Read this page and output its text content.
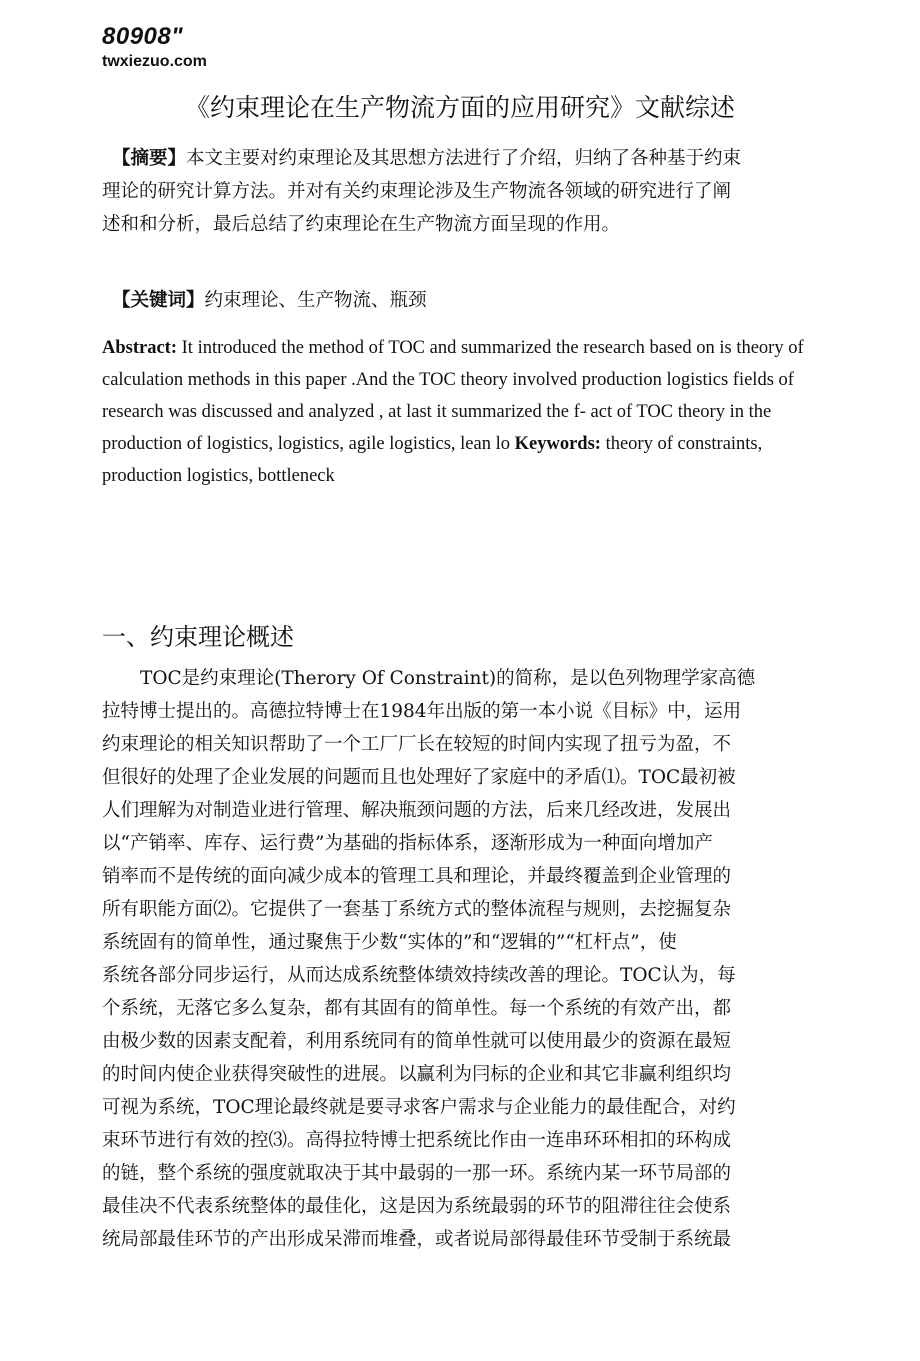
80908"
twxiezuo.com
《约束理论在生产物流方面的应用研究》文献综述
【摘要】本文主要对约束理论及其思想方法进行了介绍，归纳了各种基于约束
理论的研究计算方法。并对有关约束理论涉及生产物流各领域的研究进行了阐
述和和分析，最后总结了约束理论在生产物流方面呈现的作用。
【关键词】约束理论、生产物流、瓶颈
Abstract: It introduced the method of TOC and summarized the research based on is theory of calculation methods in this paper .And the TOC theory involved production logistics fields of research was discussed and analyzed , at last it summarized the f- act of TOC theory in the production of logistics, logistics, agile logistics, lean lo Keywords: theory of constraints, production logistics, bottleneck
一、约束理论概述
TOC是约束理论(Therory Of Constraint)的简称，是以色列物理学家高德
拉特博士提出的。高德拉特博士在1984年出版的第一本小说《目标》中，运用
约束理论的相关知识帮助了一个工厂厂长在较短的时间内实现了扭亏为盈，不
但很好的处理了企业发展的问题而且也处理好了家庭中的矛盾⑴。TOC最初被
人们理解为对制造业进行管理、解决瓶颈问题的方法，后来几经改进，发展出
以“产销率、库存、运行费”为基础的指标体系，逐渐形成为一种面向增加产
销率而不是传统的面向减少成本的管理工具和理论，并最终覆盖到企业管理的
所有职能方面⑵。它提供了一套基丁系统方式的整体流程与规则，去挖掘复杂
系统固有的简单性，通过聚焦于少数“实体的”和“逻辑的”“杠杆点”，使
系统各部分同步运行，从而达成系统整体绩效持续改善的理论。TOC认为，每
个系统，无落它多么复杂，都有其固有的简单性。每一个系统的有效产出，都
由极少数的因素支配着，利用系统同有的简单性就可以使用最少的资源在最短
的时间内使企业获得突破性的进展。以赢利为冃标的企业和其它非赢利组织均
可视为系统，TOC理论最终就是要寻求客户需求与企业能力的最佳配合，对约
束环节进行有效的控⑶。高得拉特博士把系统比作由一连串环环相扣的环构成
的链，整个系统的强度就取决于其中最弱的一那一环。系统内某一环节局部的
最佳决不代表系统整体的最佳化，这是因为系统最弱的环节的阻滞往往会使系
统局部最佳环节的产出形成呆滞而堆叠，或者说局部得最佳环节受制于系统最
